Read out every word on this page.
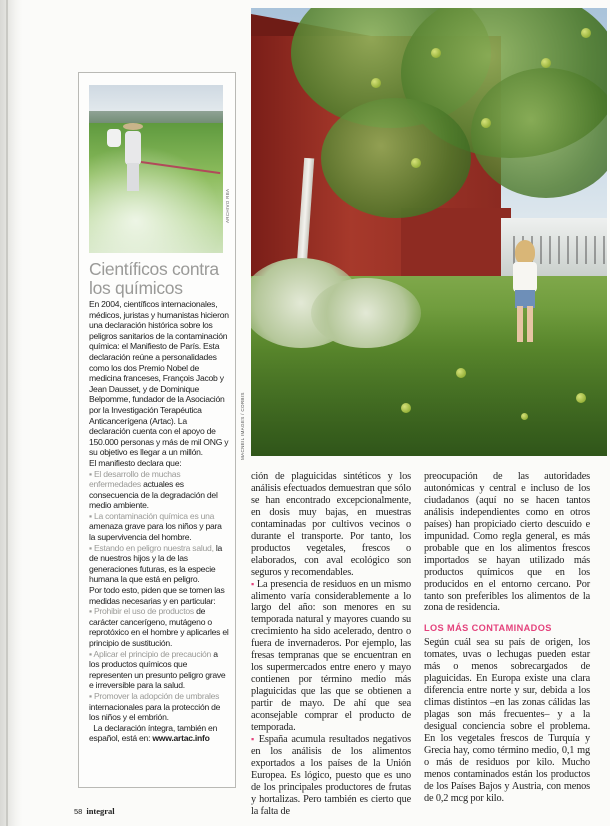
ARCHIVO RBA
Científicos contra los químicos

En 2004, científicos internacionales, médicos, juristas y humanistas hicieron una declaración histórica sobre los peligros sanitarios de la contaminación química: el Manifiesto de París. Esta declaración reúne a personalidades como los dos Premio Nobel de medicina franceses, François Jacob y Jean Dausset, y de Dominique Belpomme, fundador de la Asociación por la Investigación Terapéutica Anticancerígena (Artac). La declaración cuenta con el apoyo de 150.000 personas y más de mil ONG y su objetivo es llegar a un millón.

El manifiesto declara que:

▪ El desarrollo de muchas enfermedades actuales es consecuencia de la degradación del medio ambiente.

▪ La contaminación química es una amenaza grave para los niños y para la supervivencia del hombre.

▪ Estando en peligro nuestra salud, la de nuestros hijos y la de las generaciones futuras, es la especie humana la que está en peligro.

Por todo esto, piden que se tomen las medidas necesarias y en particular:

▪ Prohibir el uso de productos de carácter cancerígeno, mutágeno o reprotóxico en el hombre y aplicarles el principio de sustitución.

▪ Aplicar el principio de precaución a los productos químicos que representen un presunto peligro grave e irreversible para la salud.

▪ Promover la adopción de umbrales internacionales para la protección de los niños y el embrión.

La declaración íntegra, también en español, está en: www.artac.info

MACNEIL IMAGES / CORBIS

ción de plaguicidas sintéticos y los análisis efectuados demuestran que sólo se han encontrado excepcionalmente, en dosis muy bajas, en muestras contaminadas por cultivos vecinos o durante el transporte. Por tanto, los productos vegetales, frescos o elaborados, con aval ecológico son seguros y recomendables.

▪ La presencia de residuos en un mismo alimento varía considerablemente a lo largo del año: son menores en su temporada natural y mayores cuando su crecimiento ha sido acelerado, dentro o fuera de invernaderos. Por ejemplo, las fresas tempranas que se encuentran en los supermercados entre enero y mayo contienen por término medio más plaguicidas que las que se obtienen a partir de mayo. De ahí que sea aconsejable comprar el producto de temporada.

▪ España acumula resultados negativos en los análisis de los alimentos exportados a los países de la Unión Europea. Es lógico, puesto que es uno de los principales productores de frutas y hortalizas. Pero también es cierto que la falta de

preocupación de las autoridades autonómicas y central e incluso de los ciudadanos (aquí no se hacen tantos análisis independientes como en otros países) han propiciado cierto descuido e impunidad. Como regla general, es más probable que en los alimentos frescos importados se hayan utilizado más productos químicos que en los producidos en el entorno cercano. Por tanto son preferibles los alimentos de la zona de residencia.

LOS MÁS CONTAMINADOS

Según cuál sea su país de origen, los tomates, uvas o lechugas pueden estar más o menos sobrecargados de plaguicidas. En Europa existe una clara diferencia entre norte y sur, debida a los climas distintos –en las zonas cálidas las plagas son más frecuentes– y a la desigual conciencia sobre el problema. En los vegetales frescos de Turquía y Grecia hay, como término medio, 0,1 mg o más de residuos por kilo. Mucho menos contaminados están los productos de los Países Bajos y Austria, con menos de 0,2 mcg por kilo.

58 integral
